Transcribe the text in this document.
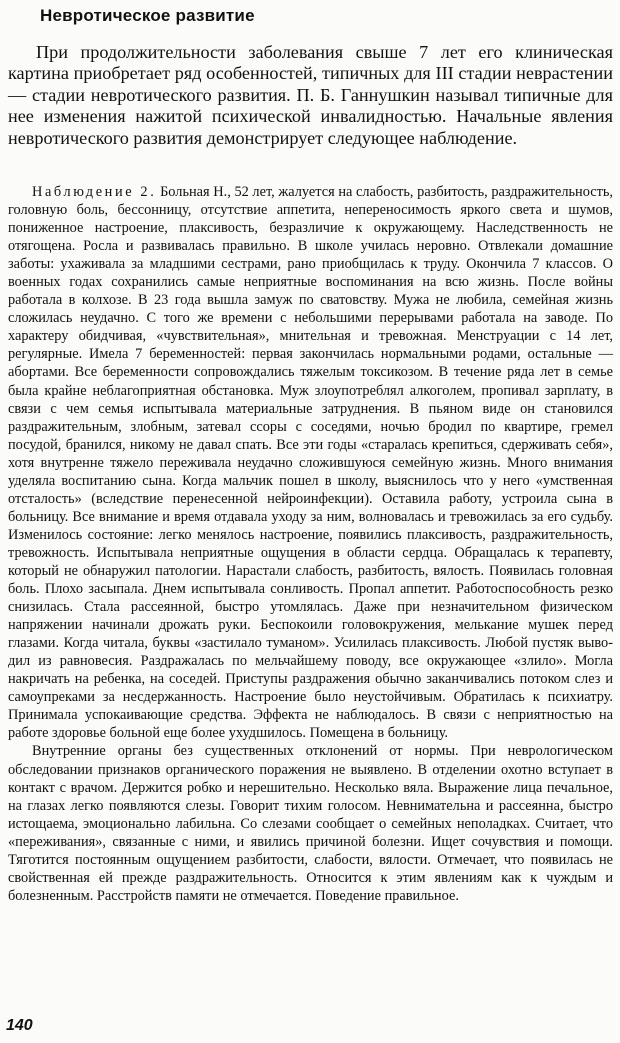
Невротическое развитие

При продолжительности заболевания свыше 7 лет его клиническая картина приобретает ряд особенностей, типичных для III стадии неврастении — стадии невротического развития. П. Б. Ганнушкин называл типичные для нее изменения нажитой психической инвалидностью. Начальные явления невротического развития демонстрирует следующее наблюдение.

Наблюдение 2. Больная Н., 52 лет, жалуется на слабость, разбитость, раздражительность, головную боль, бессонницу, отсутствие аппетита, непереносимость яркого света и шумов, пониженное настроение, плаксивость, безразличие к окружающему. Наследственность не отягощена. Росла и развивалась правильно. В школе училась неровно. Отвлекали домашние заботы: ухаживала за младшими сестрами, рано приобщилась к труду. Окончила 7 классов. О военных годах сохранились самые неприятные воспоминания на всю жизнь. После войны работала в колхозе. В 23 года вышла замуж по сватовству. Мужа не любила, семейная жизнь сложилась неудачно. С того же времени с небольшими перерывами работала на заводе. По характеру обидчивая, «чувствительная», мнительная и тревожная. Менструации с 14 лет, регулярные. Имела 7 беременностей: первая закончилась нормальными родами, остальные — абортами. Все беременности сопровождались тяжелым токсикозом. В течение ряда лет в семье была крайне неблагоприятная обстановка. Муж злоупотреблял алкоголем, пропивал зарплату, в связи с чем семья испытывала материальные затруднения. В пьяном виде он становился раздражительным, злобным, затевал ссоры с соседями, ночью бродил по квартире, гремел посудой, бранился, никому не давал спать. Все эти годы «старалась крепиться, сдерживать себя», хотя внутренне тяжело переживала неудачно сложившуюся семейную жизнь. Много внимания уделяла воспитанию сына. Когда мальчик пошел в школу, выяснилось что у него «умственная отсталость» (вследствие перенесенной нейроинфекции). Оставила работу, устроила сына в больницу. Все внимание и время отдавала уходу за ним, волновалась и тревожилась за его судьбу. Изменилось состояние: легко менялось настроение, появились плаксивость, раздражительность, тревожность. Испытывала неприятные ощущения в области сердца. Обращалась к терапевту, который не обнаружил патологии. Нарастали слабость, разбитость, вялость. Появилась головная боль. Плохо засыпала. Днем испытывала сонливость. Пропал аппетит. Работоспособность резко снизилась. Стала рассеянной, быстро утомлялась. Даже при незначительном физическом напряжении начинали дрожать руки. Беспокоили головокружения, мелькание мушек перед глазами. Когда читала, буквы «застилало туманом». Усилилась плаксивость. Любой пустяк выводил из равновесия. Раздражалась по мельчайшему поводу, все окружающее «злило». Могла накричать на ребенка, на соседей. Приступы раздражения обычно заканчивались потоком слез и самоупреками за несдержанность. Настроение было неустойчивым. Обратилась к психиатру. Принимала успокаивающие средства. Эффекта не наблюдалось. В связи с неприятностью на работе здоровье больной еще более ухудшилось. Помещена в больницу.

Внутренние органы без существенных отклонений от нормы. При неврологическом обследовании признаков органического поражения не выявлено. В отделении охотно вступает в контакт с врачом. Держится робко и нерешительно. Несколько вяла. Выражение лица печальное, на глазах легко появляются слезы. Говорит тихим голосом. Невнимательна и рассеянна, быстро истощаема, эмоционально лабильна. Со слезами сообщает о семейных неполадках. Считает, что «переживания», связанные с ними, и явились причиной болезни. Ищет сочувствия и помощи. Тяготится постоянным ощущением разбитости, слабости, вялости. Отмечает, что появилась не свойственная ей прежде раздражительность. Относится к этим явлениям как к чуждым и болезненным. Расстройств памяти не отмечается. Поведение правильное.

140
